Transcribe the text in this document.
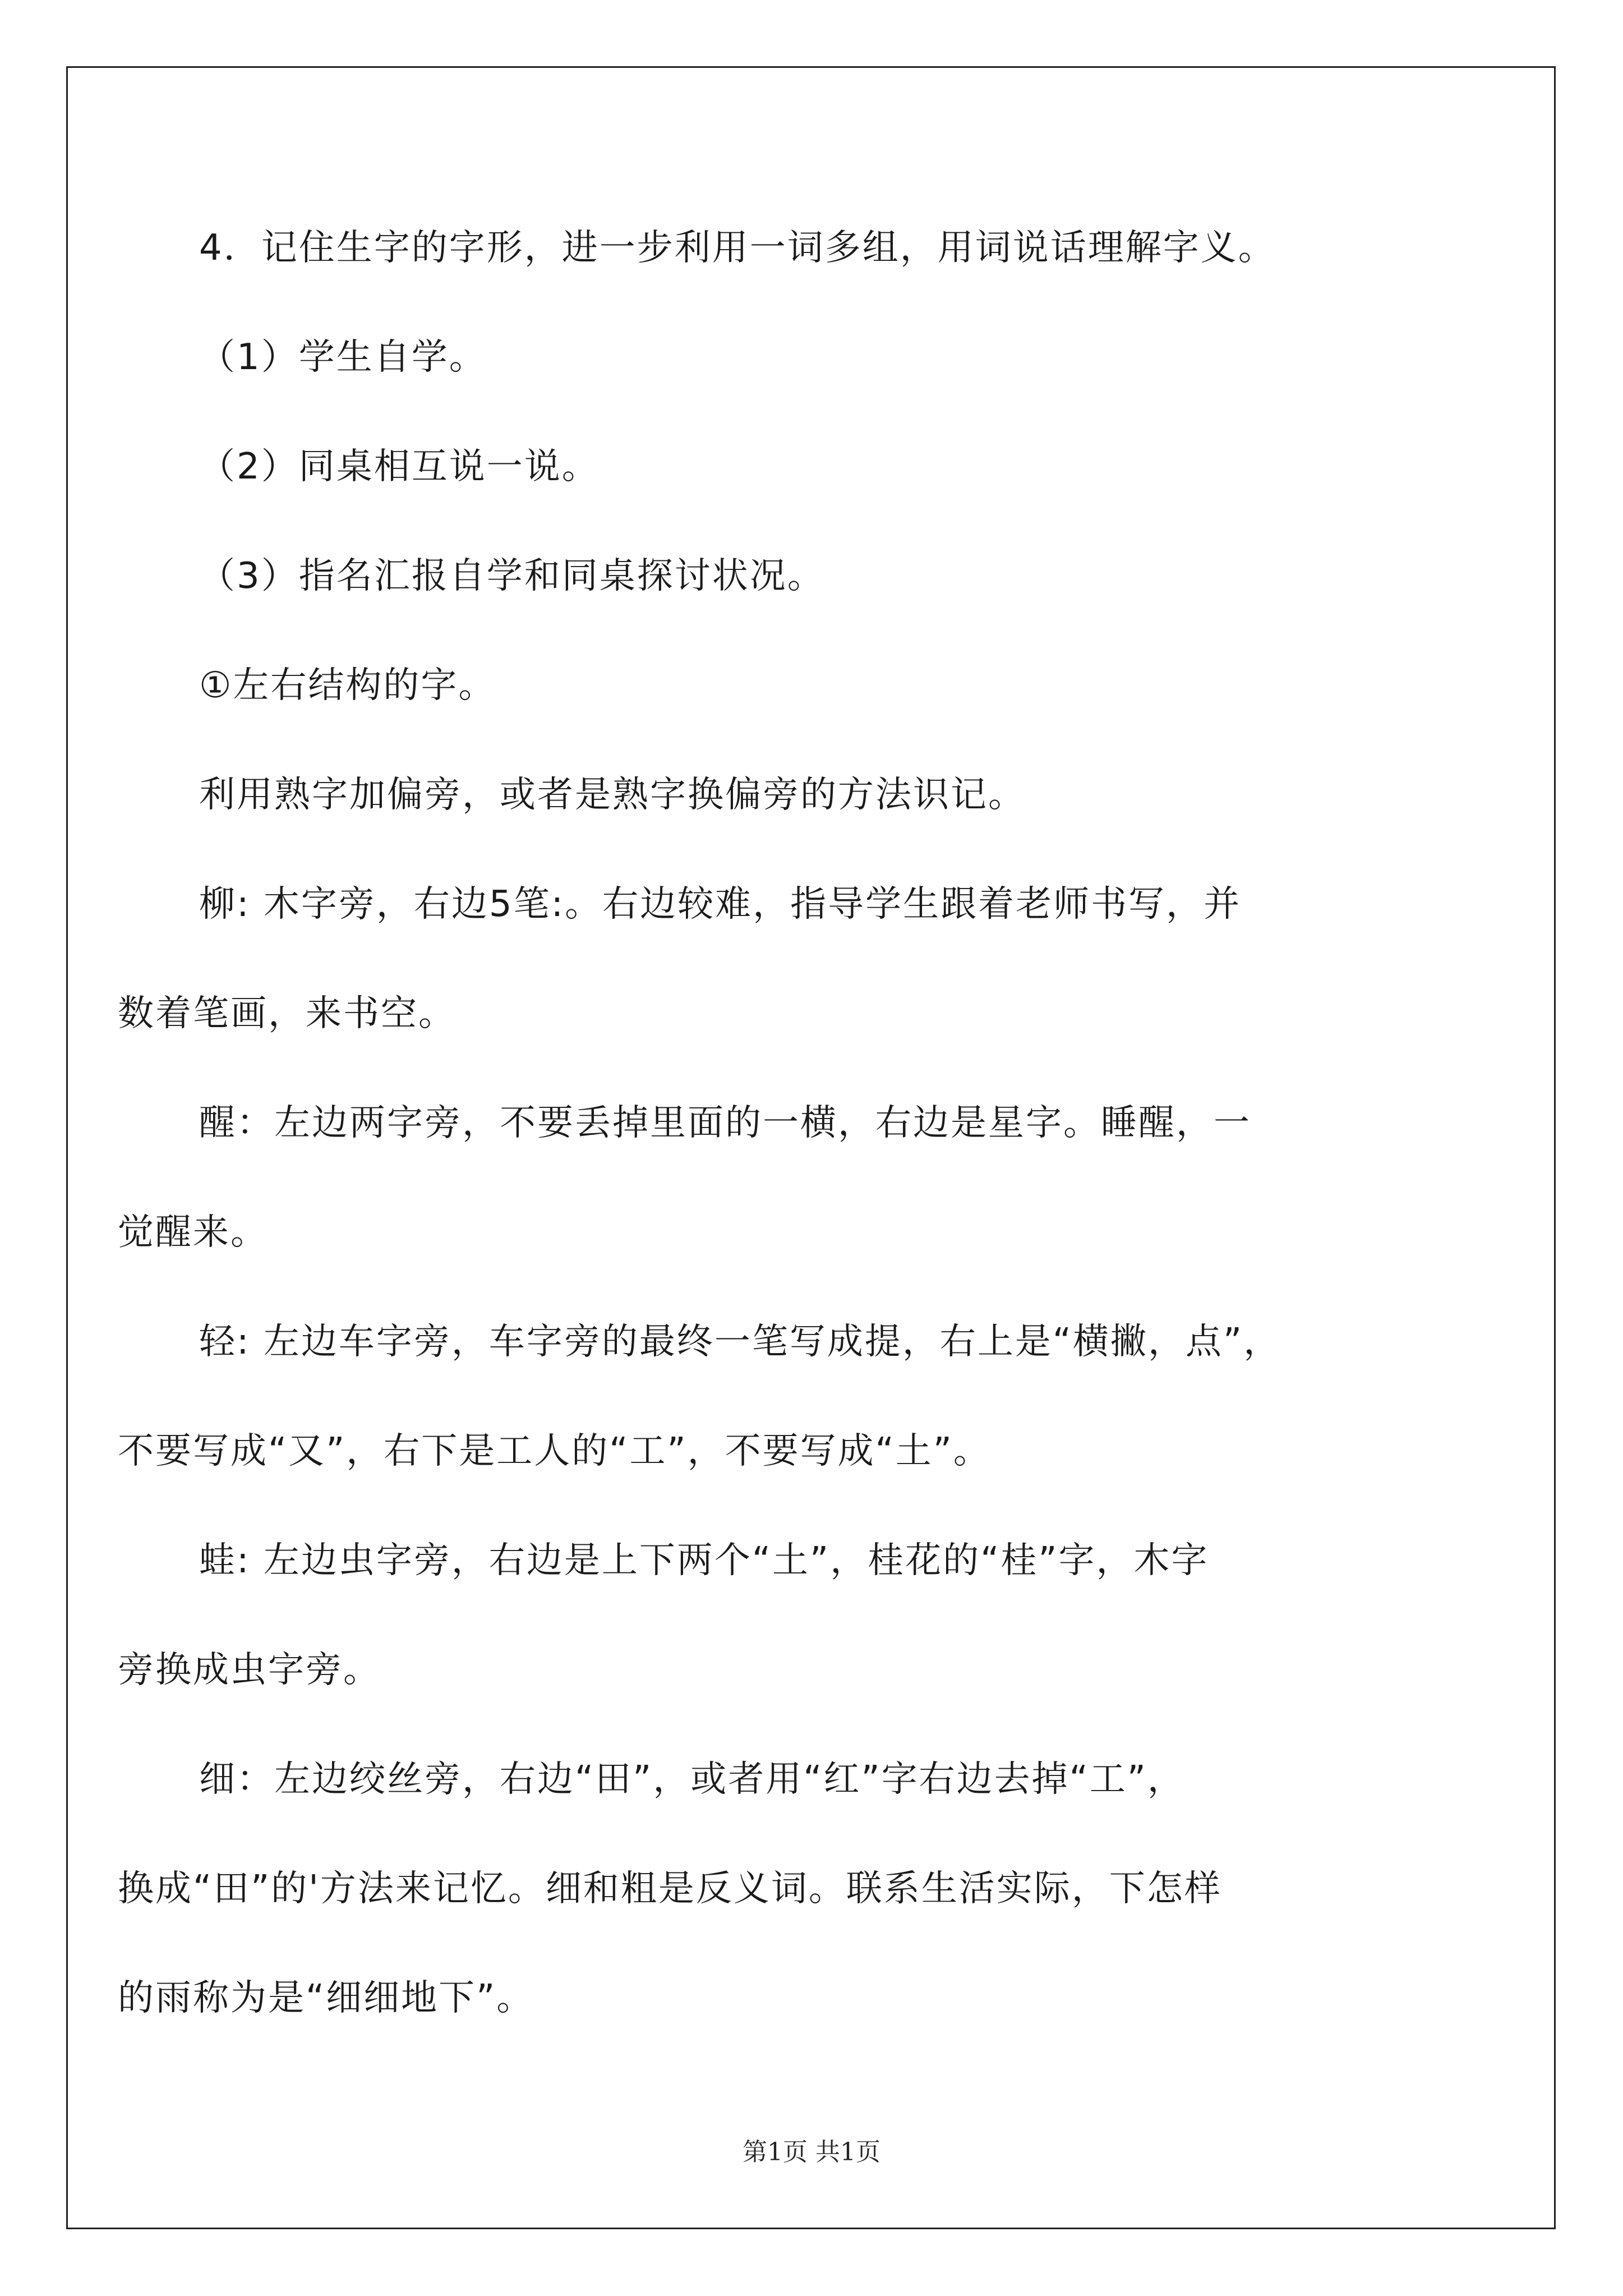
4．记住生字的字形，进一步利用一词多组，用词说话理解字义。
（1）学生自学。
（2）同桌相互说一说。
（3）指名汇报自学和同桌探讨状况。
①左右结构的字。
利用熟字加偏旁，或者是熟字换偏旁的方法识记。
柳: 木字旁，右边5笔:。右边较难，指导学生跟着老师书写，并
数着笔画，来书空。
醒：左边两字旁，不要丢掉里面的一横，右边是星字。睡醒，一
觉醒来。
轻: 左边车字旁，车字旁的最终一笔写成提，右上是“横撇，点”，
不要写成“又”，右下是工人的“工”，不要写成“土”。
蛙: 左边虫字旁，右边是上下两个“土”，桂花的“桂”字，木字
旁换成虫字旁。
细：左边绞丝旁，右边“田”，或者用“红”字右边去掉“工”，
换成“田”的'方法来记忆。细和粗是反义词。联系生活实际，下怎样
的雨称为是“细细地下”。
第1页 共1页
